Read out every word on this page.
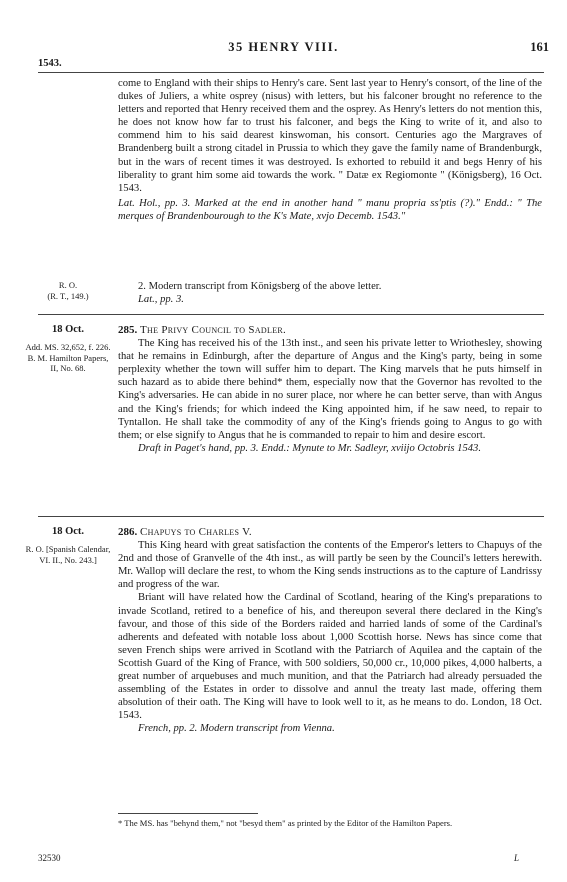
35 HENRY VIII.	161
1543.

come to England with their ships to Henry's care. Sent last year to Henry's consort, of the line of the dukes of Juliers, a white osprey (nisus) with letters, but his falconer brought no reference to the letters and reported that Henry received them and the osprey. As Henry's letters do not mention this, he does not know how far to trust his falconer, and begs the King to write of it, and also to commend him to his said dearest kinswoman, his consort. Centuries ago the Margraves of Brandenberg built a strong citadel in Prussia to which they gave the family name of Brandenburgk, but in the wars of recent times it was destroyed. Is exhorted to rebuild it and begs Henry of his liberality to grant him some aid towards the work. " Datæ ex Regiomonte " (Königsberg), 16 Oct. 1543.

Lat. Hol., pp. 3. Marked at the end in another hand " manu propria ss'ptis (?)." Endd.: " The merques of Brandenbourough to the K's Mate, xvjo Decemb. 1543."

R. O.
(R. T., 149.)

2. Modern transcript from Königsberg of the above letter.

Lat., pp. 3.

18 Oct.
Add. MS. 32,652, f. 226. B. M. Hamilton Papers, II, No. 68.

285. The Privy Council to Sadler.

The King has received his of the 13th inst., and seen his private letter to Wriothesley, showing that he remains in Edinburgh, after the departure of Angus and the King's party, being in some perplexity whether the town will suffer him to depart. The King marvels that he puts himself in such hazard as to abide there behind* them, especially now that the Governor has revolted to the King's adversaries. He can abide in no surer place, nor where he can better serve, than with Angus and the King's friends; for which indeed the King appointed him, if he saw need, to repair to Tyntallon. He shall take the commodity of any of the King's friends going to Angus to go with them; or else signify to Angus that he is commanded to repair to him and desire escort.

Draft in Paget's hand, pp. 3. Endd.: Mynute to Mr. Sadleyr, xviijo Octobris 1543.

18 Oct.
R. O. [Spanish Calendar, VI. II., No. 243.]

286. Chapuys to Charles V.

This King heard with great satisfaction the contents of the Emperor's letters to Chapuys of the 2nd and those of Granvelle of the 4th inst., as will partly be seen by the Council's letters herewith. Mr. Wallop will declare the rest, to whom the King sends instructions as to the capture of Landrissy and progress of the war.

Briant will have related how the Cardinal of Scotland, hearing of the King's preparations to invade Scotland, retired to a benefice of his, and thereupon several there declared in the King's favour, and those of this side of the Borders raided and harried lands of some of the Cardinal's adherents and defeated with notable loss about 1,000 Scottish horse. News has since come that seven French ships were arrived in Scotland with the Patriarch of Aquilea and the captain of the Scottish Guard of the King of France, with 500 soldiers, 50,000 cr., 10,000 pikes, 4,000 halberts, a great number of arquebuses and much munition, and that the Patriarch had already persuaded the assembling of the Estates in order to dissolve and annul the treaty last made, offering them absolution of their oath. The King will have to look well to it, as he means to do. London, 18 Oct. 1543.

French, pp. 2. Modern transcript from Vienna.

* The MS. has "behynd them," not "besyd them" as printed by the Editor of the Hamilton Papers.
32530	L
